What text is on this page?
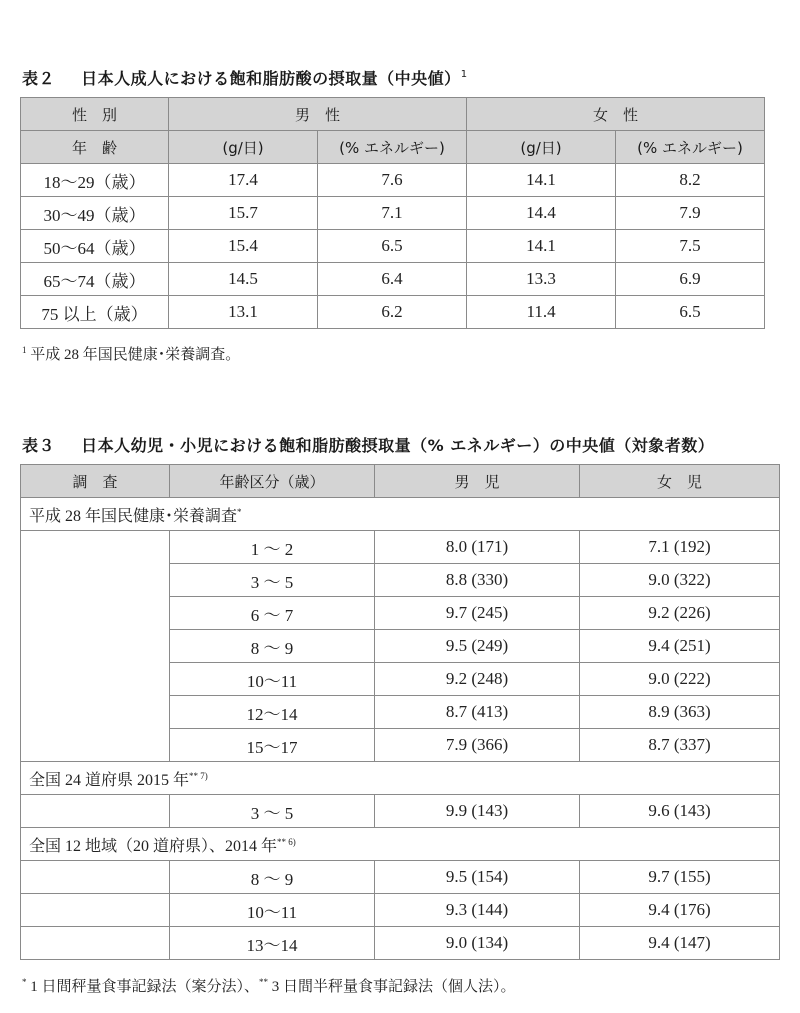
表２ 日本人成人における飽和脂肪酸の摂取量（中央値）$^1$
性　別	男　性		女　性	
年　齢	(g/日)	(% エネルギー)	(g/日)	(% エネルギー)
18～29（歳）	17.4	7.6	14.1	8.2
30～49（歳）	15.7	7.1	14.4	7.9
50～64（歳）	15.4	6.5	14.1	7.5
65～74（歳）	14.5	6.4	13.3	6.9
75 以上（歳）	13.1	6.2	11.4	6.5
$^1$ 平成 28 年国民健康･栄養調査。
表３ 日本人幼児・小児における飽和脂肪酸摂取量（% エネルギー）の中央値（対象者数）
調　査	年齢区分（歳）	男　児	女　児
平成 28 年国民健康･栄養調査*
	1 ～ 2	8.0 (171)	7.1 (192)
	3 ～ 5	8.8 (330)	9.0 (322)
	6 ～ 7	9.7 (245)	9.2 (226)
	8 ～ 9	9.5 (249)	9.4 (251)
	10～11	9.2 (248)	9.0 (222)
	12～14	8.7 (413)	8.9 (363)
	15～17	7.9 (366)	8.7 (337)
全国 24 道府県 2015 年$^{** 7)}$
	3 ～ 5	9.9 (143)	9.6 (143)
全国 12 地域（20 道府県）、2014 年$^{** 6)}$
	8 ～ 9	9.5 (154)	9.7 (155)
	10～11	9.3 (144)	9.4 (176)
	13～14	9.0 (134)	9.4 (147)
* 1 日間秤量食事記録法（案分法）、** 3 日間半秤量食事記録法（個人法）。
